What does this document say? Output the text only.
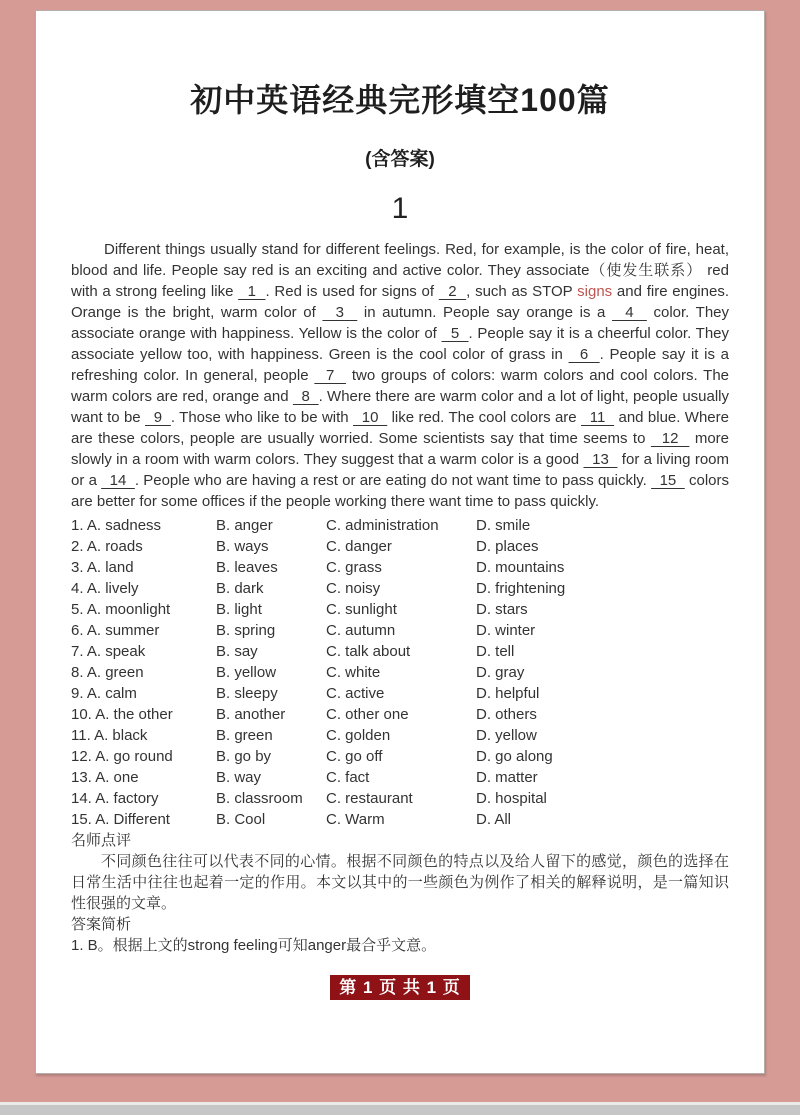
初中英语经典完形填空100篇
(含答案)
1

Different things usually stand for different feelings. Red, for example, is the color of fire, heat, blood and life. People say red is an exciting and active color. They associate（使发生联系） red with a strong feeling like   1  . Red is used for signs of   2  , such as STOP signs and fire engines. Orange is the bright, warm color of   3   in autumn. People say orange is a   4   color. They associate orange with happiness. Yellow is the color of   5  . People say it is a cheerful color. They associate yellow too, with happiness. Green is the cool color of grass in   6  . People say it is a refreshing color. In general, people   7   two groups of colors: warm colors and cool colors. The warm colors are red, orange and   8  . Where there are warm color and a lot of light, people usually want to be   9  . Those who like to be with   10   like red. The cool colors are   11   and blue. Where are these colors, people are usually worried. Some scientists say that time seems to   12   more slowly in a room with warm colors. They suggest that a warm color is a good   13   for a living room or a   14  . People who are having a rest or are eating do not want time to pass quickly.   15   colors are better for some offices if the people working there want time to pass quickly.

1. A. sadness	B. anger	C. administration	D. smile
2. A. roads	B. ways	C. danger	D. places
3. A. land	B. leaves	C. grass	D. mountains
4. A. lively	B. dark	C. noisy	D. frightening
5. A. moonlight	B. light	C. sunlight	D. stars
6. A. summer	B. spring	C. autumn	D. winter
7. A. speak	B. say	C. talk about	D. tell
8. A. green	B. yellow	C. white	D. gray
9. A. calm	B. sleepy	C. active	D. helpful
10. A. the other	B. another	C. other one	D. others
11. A. black	B. green	C. golden	D. yellow
12. A. go round	B. go by	C. go off	D. go along
13. A. one	B. way	C. fact	D. matter
14. A. factory	B. classroom	C. restaurant	D. hospital
15. A. Different	B. Cool	C. Warm	D. All
名师点评

不同颜色往往可以代表不同的心情。根据不同颜色的特点以及给人留下的感觉，颜色的选择在日常生活中往往也起着一定的作用。本文以其中的一些颜色为例作了相关的解释说明，是一篇知识性很强的文章。

答案简析
1. B。根据上文的strong feeling可知anger最合乎文意。
第 1 页 共 1 页
